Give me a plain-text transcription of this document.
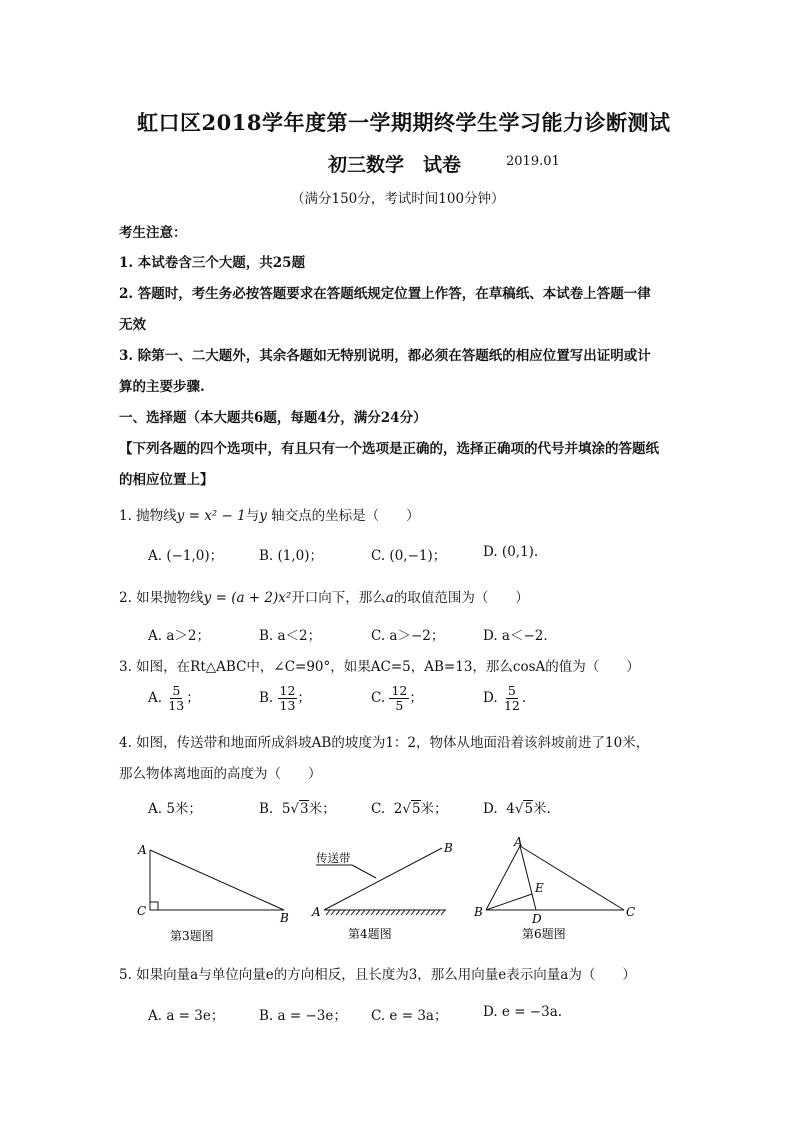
虹口区2018学年度第一学期期终学生学习能力诊断测试
初三数学　试卷	2019.01
（满分150分，考试时间100分钟）
考生注意：
1. 本试卷含三个大题，共25题
2. 答题时，考生务必按答题要求在答题纸规定位置上作答，在草稿纸、本试卷上答题一律
无效
3. 除第一、二大题外，其余各题如无特别说明，都必须在答题纸的相应位置写出证明或计
算的主要步骤.
一、选择题（本大题共6题，每题4分，满分24分）
【下列各题的四个选项中，有且只有一个选项是正确的，选择正确项的代号并填涂的答题纸
的相应位置上】
1. 抛物线y = x² − 1与y 轴交点的坐标是（　　）
A. (−1,0)；	B. (1,0)；	C. (0,−1)；	D. (0,1).
2. 如果抛物线y = (a + 2)x²开口向下，那么a的取值范围为（　　）
A. a＞2；	B. a＜2；	C. a＞−2；	D. a＜−2.
3. 如图，在Rt△ABC中，∠C=90°，如果AC=5，AB=13，那么cosA的值为（　　）
A. $\frac{5}{13}$ ；	B. $\frac{12}{13}$ ；	C. $\frac{12}{5}$ ；	D. $\frac{5}{12}$ .
4. 如图，传送带和地面所成斜坡AB的坡度为1：2，物体从地面沿着该斜坡前进了10米，
那么物体离地面的高度为（　　）
A. 5米；	B. 5√3米；	C. 2√5米；	D. 4√5米.
A
C	B
第3题图
传送带
A
B
第4题图
A
B	C
D
E
第6题图
5. 如果向量a与单位向量e的方向相反，且长度为3，那么用向量e表示向量a为（　　）
A. a = 3e；	B. a = −3e； C. e = 3a；	D. e = −3a.
